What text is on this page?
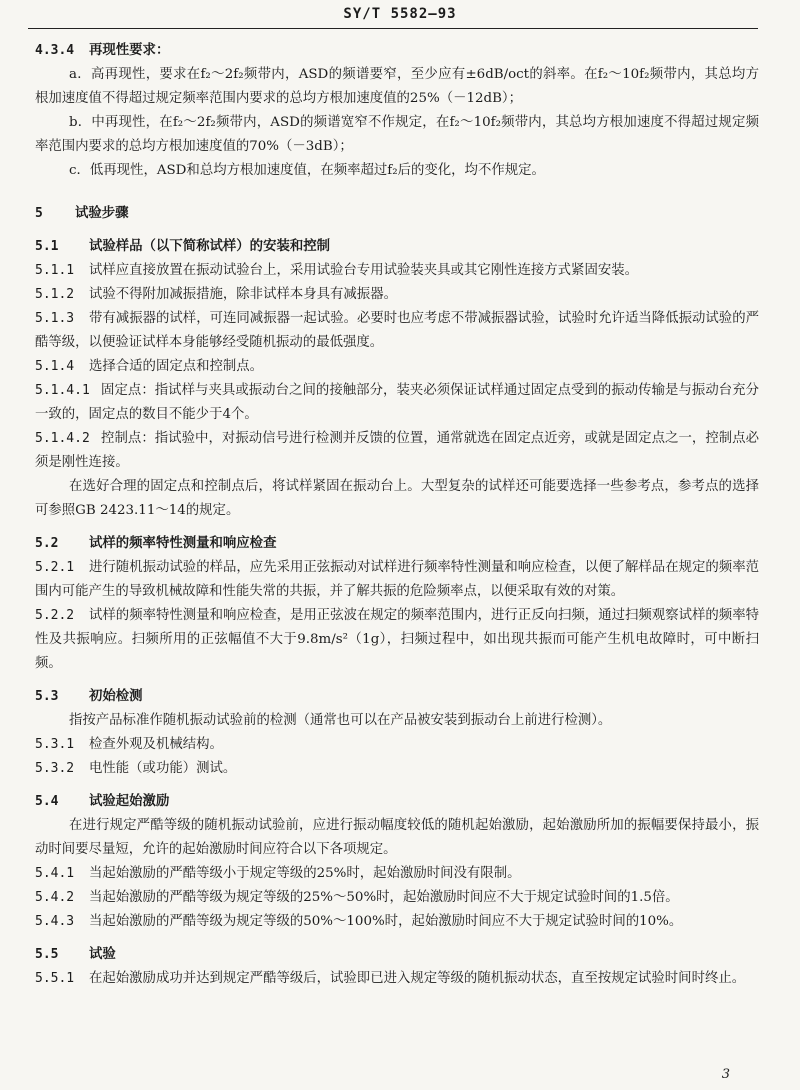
SY/T 5582—93

4.3.4 再现性要求：

a．高再现性，要求在f₂～2f₂频带内，ASD的频谱要窄，至少应有±6dB/oct的斜率。在f₂～10f₂频带内，其总均方根加速度值不得超过规定频率范围内要求的总均方根加速度值的25%（－12dB）；

b．中再现性，在f₂～2f₂频带内，ASD的频谱宽窄不作规定，在f₂～10f₂频带内，其总均方根加速度不得超过规定频率范围内要求的总均方根加速度值的70%（－3dB）；

c．低再现性，ASD和总均方根加速度值，在频率超过f₂后的变化，均不作规定。

5 试验步骤

5.1 试验样品（以下简称试样）的安装和控制

5.1.1 试样应直接放置在振动试验台上，采用试验台专用试验装夹具或其它刚性连接方式紧固安装。

5.1.2 试验不得附加减振措施，除非试样本身具有减振器。

5.1.3 带有减振器的试样，可连同减振器一起试验。必要时也应考虑不带减振器试验，试验时允许适当降低振动试验的严酷等级，以便验证试样本身能够经受随机振动的最低强度。

5.1.4 选择合适的固定点和控制点。

5.1.4.1 固定点：指试样与夹具或振动台之间的接触部分，装夹必须保证试样通过固定点受到的振动传输是与振动台充分一致的，固定点的数目不能少于4个。

5.1.4.2 控制点：指试验中，对振动信号进行检测并反馈的位置，通常就选在固定点近旁，或就是固定点之一，控制点必须是刚性连接。

在选好合理的固定点和控制点后，将试样紧固在振动台上。大型复杂的试样还可能要选择一些参考点，参考点的选择可参照GB 2423.11～14的规定。

5.2 试样的频率特性测量和响应检查

5.2.1 进行随机振动试验的样品，应先采用正弦振动对试样进行频率特性测量和响应检查，以便了解样品在规定的频率范围内可能产生的导致机械故障和性能失常的共振，并了解共振的危险频率点，以便采取有效的对策。

5.2.2 试样的频率特性测量和响应检查，是用正弦波在规定的频率范围内，进行正反向扫频，通过扫频观察试样的频率特性及共振响应。扫频所用的正弦幅值不大于9.8m/s²（1g），扫频过程中，如出现共振而可能产生机电故障时，可中断扫频。

5.3 初始检测

指按产品标准作随机振动试验前的检测（通常也可以在产品被安装到振动台上前进行检测）。

5.3.1 检查外观及机械结构。

5.3.2 电性能（或功能）测试。

5.4 试验起始激励

在进行规定严酷等级的随机振动试验前，应进行振动幅度较低的随机起始激励，起始激励所加的振幅要保持最小，振动时间要尽量短，允许的起始激励时间应符合以下各项规定。

5.4.1 当起始激励的严酷等级小于规定等级的25%时，起始激励时间没有限制。

5.4.2 当起始激励的严酷等级为规定等级的25%～50%时，起始激励时间应不大于规定试验时间的1.5倍。

5.4.3 当起始激励的严酷等级为规定等级的50%～100%时，起始激励时间应不大于规定试验时间的10%。

5.5 试验

5.5.1 在起始激励成功并达到规定严酷等级后，试验即已进入规定等级的随机振动状态，直至按规定试验时间时终止。

3
